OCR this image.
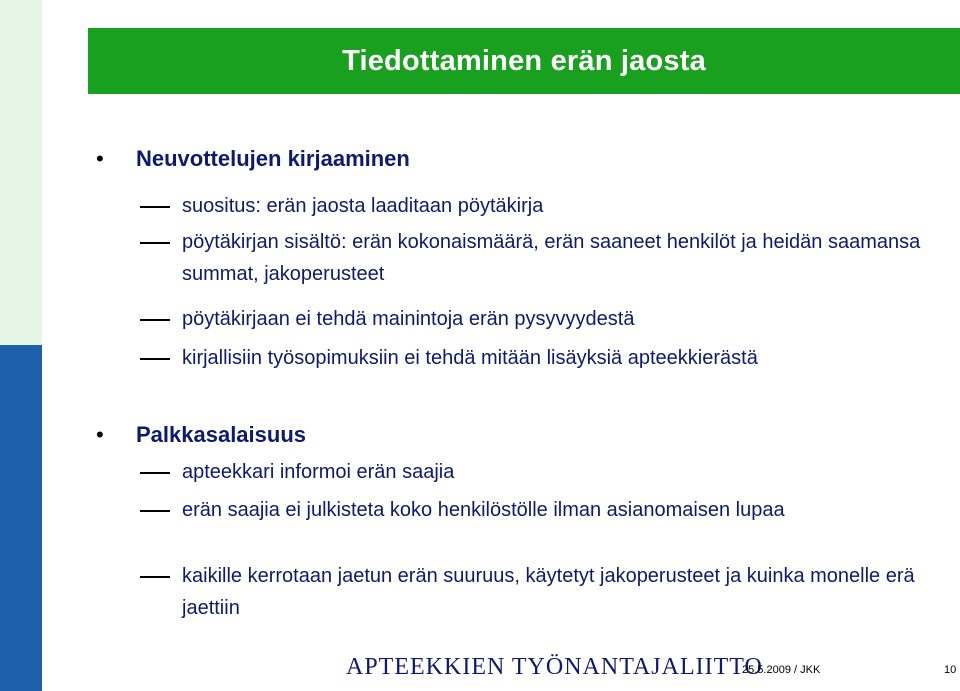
Tiedottaminen erän jaosta
• Neuvottelujen kirjaaminen
suositus: erän jaosta laaditaan pöytäkirja
pöytäkirjan sisältö: erän kokonaismäärä, erän saaneet henkilöt ja heidän saamansa summat, jakoperusteet
pöytäkirjaan ei tehdä mainintoja erän pysyvyydestä
kirjallisiin työsopimuksiin ei tehdä mitään lisäyksiä apteekkierästä
• Palkkasalaisuus
apteekkari informoi erän saajia
erän saajia ei julkisteta koko henkilöstölle ilman asianomaisen lupaa
kaikille kerrotaan jaetun erän suuruus, käytetyt jakoperusteet ja kuinka monelle erä jaettiin
APTEEKKIEN TYÖNANTAJALIITTO
25.5.2009 / JKK	10
